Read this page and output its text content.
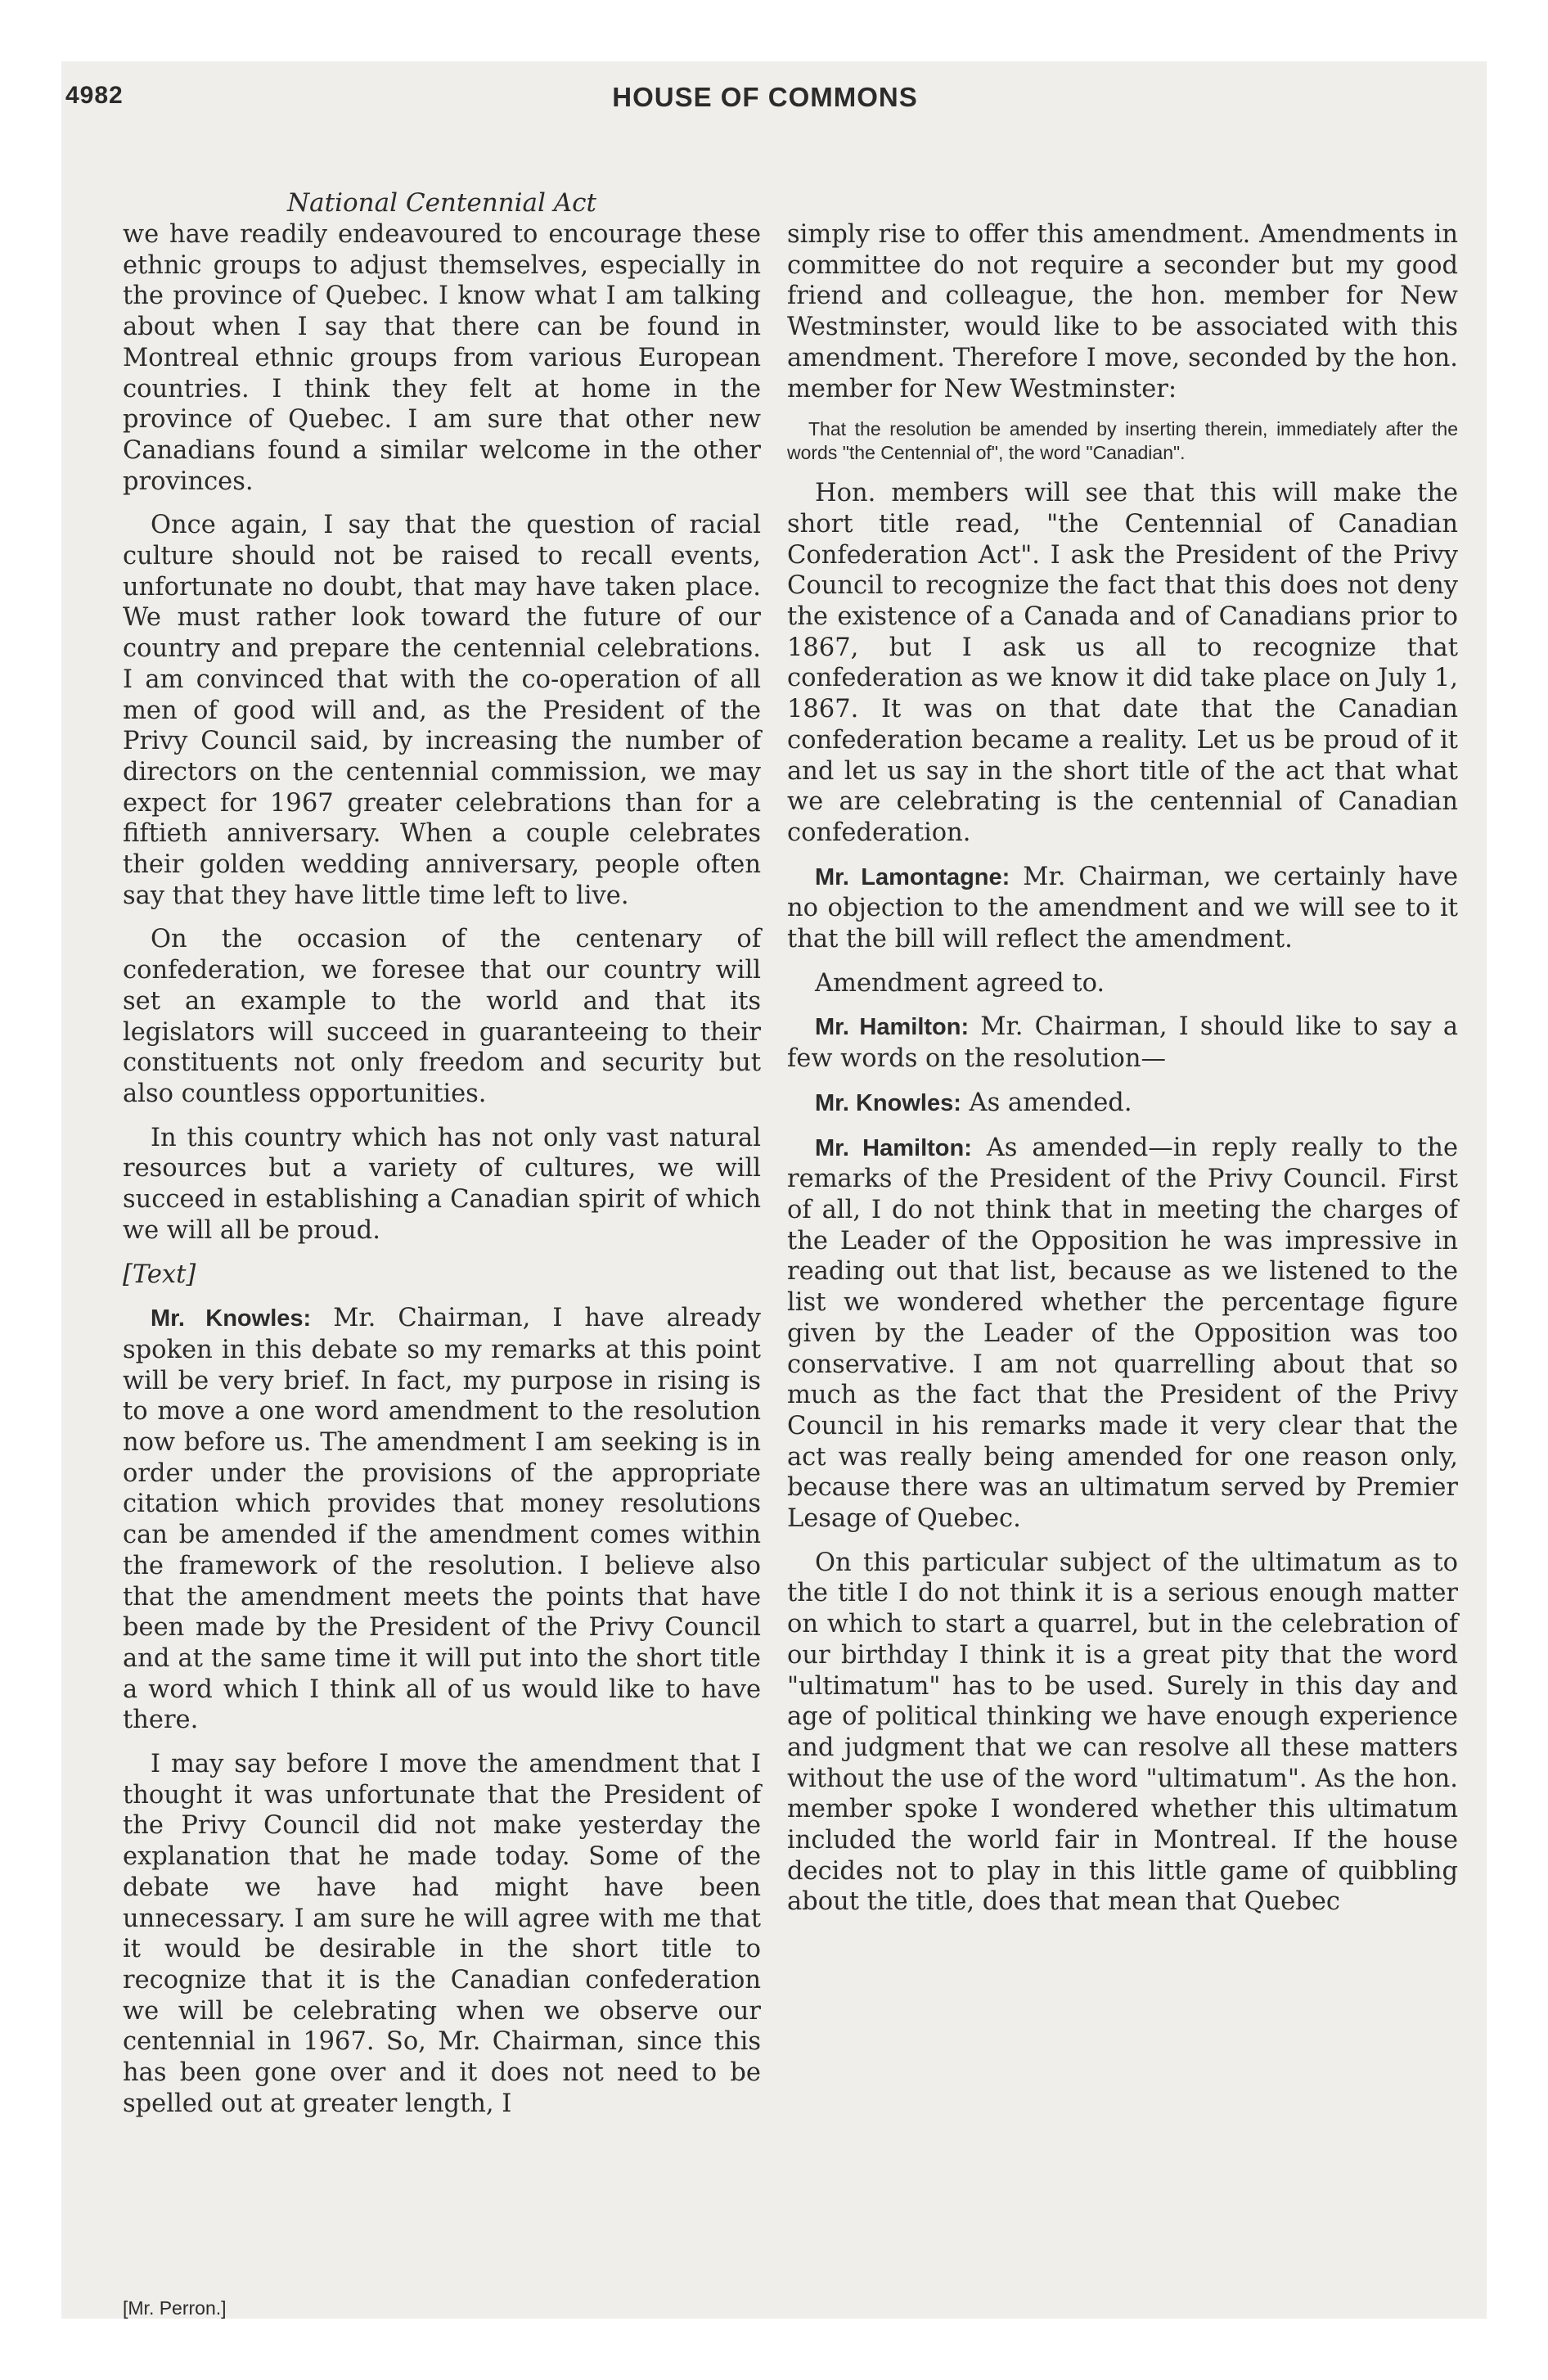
4982	HOUSE OF COMMONS
National Centennial Act

we have readily endeavoured to encourage these ethnic groups to adjust themselves, especially in the province of Quebec. I know what I am talking about when I say that there can be found in Montreal ethnic groups from various European countries. I think they felt at home in the province of Quebec. I am sure that other new Canadians found a similar welcome in the other provinces.

Once again, I say that the question of racial culture should not be raised to recall events, unfortunate no doubt, that may have taken place. We must rather look toward the future of our country and prepare the centennial celebrations. I am convinced that with the co-operation of all men of good will and, as the President of the Privy Council said, by increasing the number of directors on the centennial commission, we may expect for 1967 greater celebrations than for a fiftieth anniversary. When a couple celebrates their golden wedding anniversary, people often say that they have little time left to live.

On the occasion of the centenary of confederation, we foresee that our country will set an example to the world and that its legislators will succeed in guaranteeing to their constituents not only freedom and security but also countless opportunities.

In this country which has not only vast natural resources but a variety of cultures, we will succeed in establishing a Canadian spirit of which we will all be proud.

[Text]

Mr. Knowles: Mr. Chairman, I have already spoken in this debate so my remarks at this point will be very brief. In fact, my purpose in rising is to move a one word amendment to the resolution now before us. The amendment I am seeking is in order under the provisions of the appropriate citation which provides that money resolutions can be amended if the amendment comes within the framework of the resolution. I believe also that the amendment meets the points that have been made by the President of the Privy Council and at the same time it will put into the short title a word which I think all of us would like to have there.

I may say before I move the amendment that I thought it was unfortunate that the President of the Privy Council did not make yesterday the explanation that he made today. Some of the debate we have had might have been unnecessary. I am sure he will agree with me that it would be desirable in the short title to recognize that it is the Canadian confederation we will be celebrating when we observe our centennial in 1967. So, Mr. Chairman, since this has been gone over and it does not need to be spelled out at greater length, I

simply rise to offer this amendment. Amendments in committee do not require a seconder but my good friend and colleague, the hon. member for New Westminster, would like to be associated with this amendment. Therefore I move, seconded by the hon. member for New Westminster:

That the resolution be amended by inserting therein, immediately after the words "the Centennial of", the word "Canadian".

Hon. members will see that this will make the short title read, "the Centennial of Canadian Confederation Act". I ask the President of the Privy Council to recognize the fact that this does not deny the existence of a Canada and of Canadians prior to 1867, but I ask us all to recognize that confederation as we know it did take place on July 1, 1867. It was on that date that the Canadian confederation became a reality. Let us be proud of it and let us say in the short title of the act that what we are celebrating is the centennial of Canadian confederation.

Mr. Lamontagne: Mr. Chairman, we certainly have no objection to the amendment and we will see to it that the bill will reflect the amendment.

Amendment agreed to.

Mr. Hamilton: Mr. Chairman, I should like to say a few words on the resolution—

Mr. Knowles: As amended.

Mr. Hamilton: As amended—in reply really to the remarks of the President of the Privy Council. First of all, I do not think that in meeting the charges of the Leader of the Opposition he was impressive in reading out that list, because as we listened to the list we wondered whether the percentage figure given by the Leader of the Opposition was too conservative. I am not quarrelling about that so much as the fact that the President of the Privy Council in his remarks made it very clear that the act was really being amended for one reason only, because there was an ultimatum served by Premier Lesage of Quebec.

On this particular subject of the ultimatum as to the title I do not think it is a serious enough matter on which to start a quarrel, but in the celebration of our birthday I think it is a great pity that the word "ultimatum" has to be used. Surely in this day and age of political thinking we have enough experience and judgment that we can resolve all these matters without the use of the word "ultimatum". As the hon. member spoke I wondered whether this ultimatum included the world fair in Montreal. If the house decides not to play in this little game of quibbling about the title, does that mean that Quebec

[Mr. Perron.]
